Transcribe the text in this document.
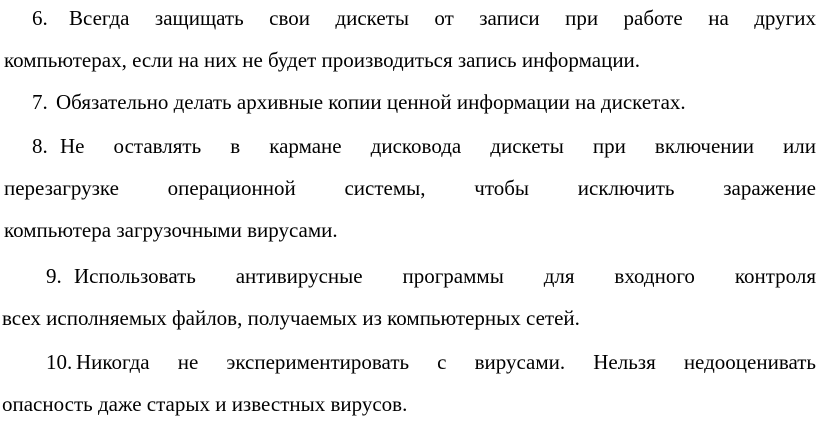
6. Всегда защищать свои дискеты от записи при работе на других
компьютерах, если на них не будет производиться запись информации.
7. Обязательно делать архивные копии ценной информации на дискетах.
8. Не оставлять в кармане дисковода дискеты при включении или
перезагрузке операционной системы, чтобы исключить заражение
компьютера загрузочными вирусами.
9. Использовать антивирусные программы для входного контроля
всех исполняемых файлов, получаемых из компьютерных сетей.
10. Никогда не экспериментировать с вирусами. Нельзя недооценивать
опасность даже старых и известных вирусов.
